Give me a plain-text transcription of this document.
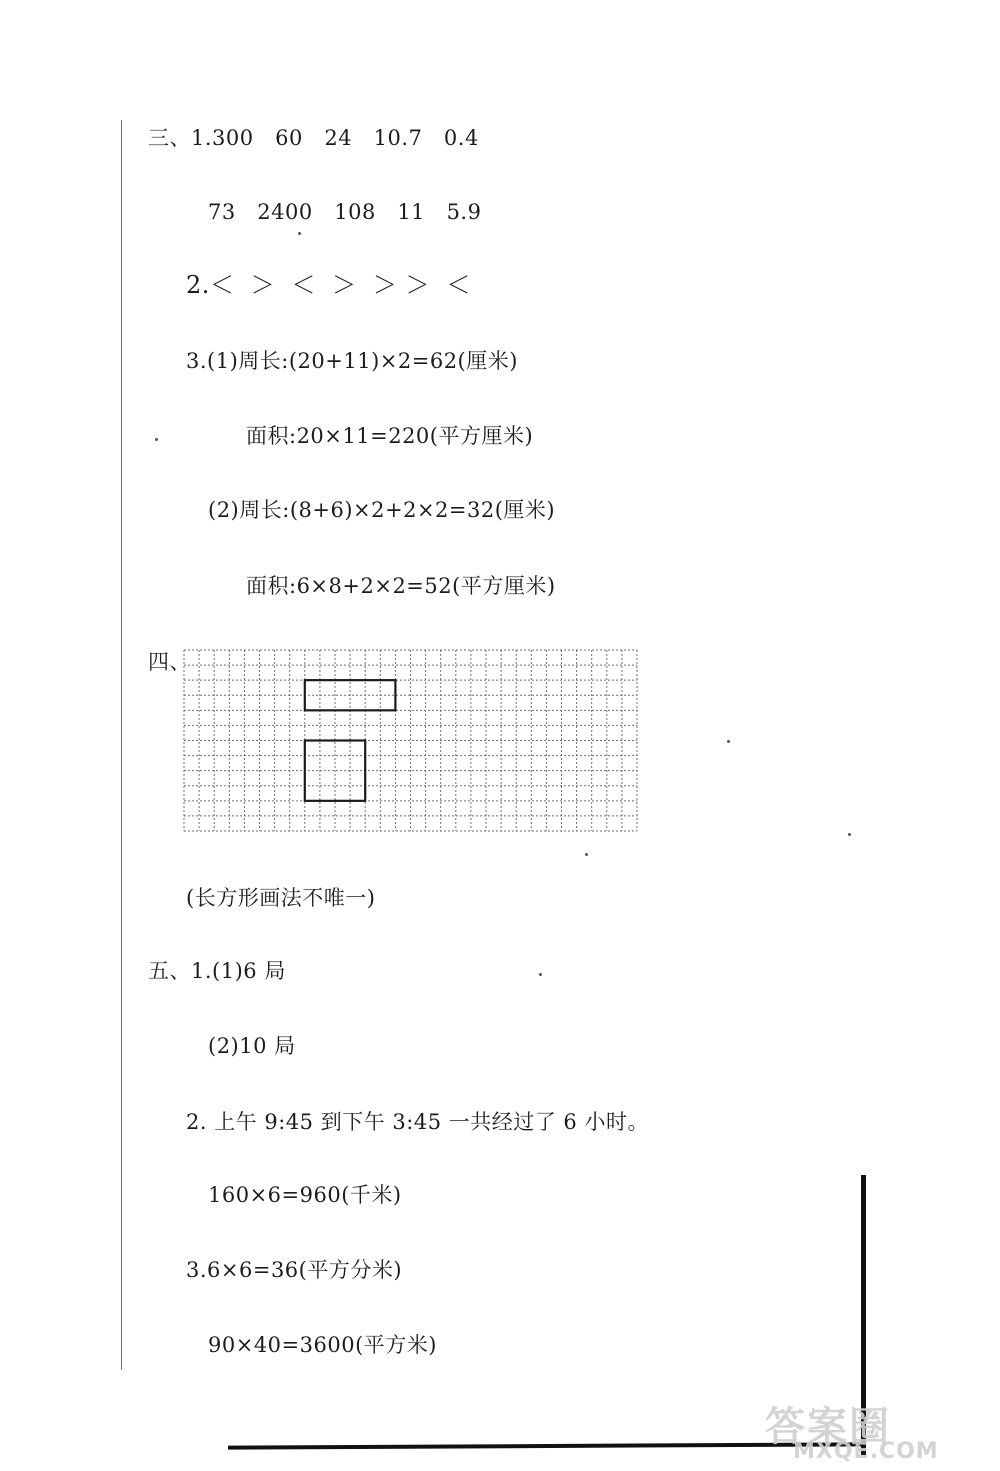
三、1.300   60   24   10.7   0.4
73   2400   108   11   5.9
2.＜  ＞  ＜  ＞  ＞ ＞  ＜
3.(1)周长:(20+11)×2=62(厘米)
面积:20×11=220(平方厘米)
(2)周长:(8+6)×2+2×2=32(厘米)
面积:6×8+2×2=52(平方厘米)
四、
(长方形画法不唯一)
五、1.(1)6 局
(2)10 局
2. 上午 9:45 到下午 3:45 一共经过了 6 小时。
160×6=960(千米)
3.6×6=36(平方分米)
90×40=3600(平方米)
答案圈
MXQE.COM
